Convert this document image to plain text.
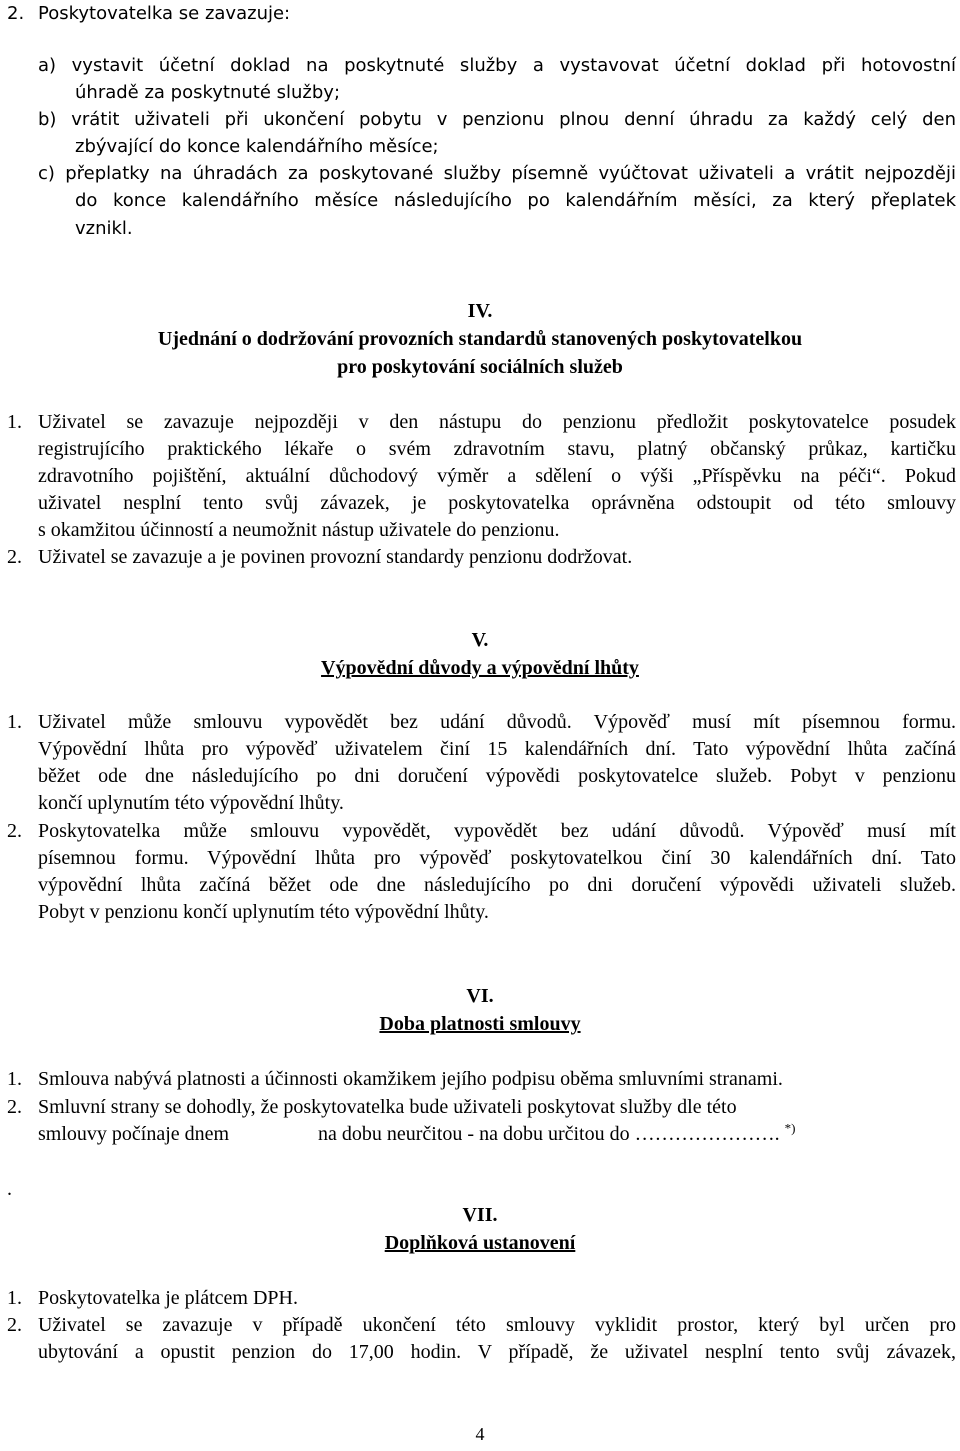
2. Poskytovatelka se zavazuje:
a) vystavit účetní doklad na poskytnuté služby a vystavovat účetní doklad při hotovostní
úhradě za poskytnuté služby;
b) vrátit uživateli při ukončení pobytu v penzionu plnou denní úhradu za každý celý den
zbývající do konce kalendářního měsíce;
c) přeplatky na úhradách za poskytované služby písemně vyúčtovat uživateli a vrátit nejpozději
do konce kalendářního měsíce následujícího po kalendářním měsíci, za který přeplatek
vznikl.
IV.
Ujednání o dodržování provozních standardů stanovených poskytovatelkou
pro poskytování sociálních služeb
1. Uživatel se zavazuje nejpozději v den nástupu do penzionu předložit poskytovatelce posudek
registrujícího praktického lékaře o svém zdravotním stavu, platný občanský průkaz, kartičku
zdravotního pojištění, aktuální důchodový výměr a sdělení o výši „Příspěvku na péči“. Pokud
uživatel nesplní tento svůj závazek, je poskytovatelka oprávněna odstoupit od této smlouvy
s okamžitou účinností a neumožnit nástup uživatele do penzionu.
2. Uživatel se zavazuje a je povinen provozní standardy penzionu dodržovat.
V.
Výpovědní důvody a výpovědní lhůty
1. Uživatel může smlouvu vypovědět bez udání důvodů. Výpověď musí mít písemnou formu.
Výpovědní lhůta pro výpověď uživatelem činí 15 kalendářních dní. Tato výpovědní lhůta začíná
běžet ode dne následujícího po dni doručení výpovědi poskytovatelce služeb. Pobyt v penzionu
končí uplynutím této výpovědní lhůty.
2. Poskytovatelka může smlouvu vypovědět, vypovědět bez udání důvodů. Výpověď musí mít
písemnou formu. Výpovědní lhůta pro výpověď poskytovatelkou činí 30 kalendářních dní. Tato
výpovědní lhůta začíná běžet ode dne následujícího po dni doručení výpovědi uživateli služeb.
Pobyt v penzionu končí uplynutím této výpovědní lhůty.
VI.
Doba platnosti smlouvy
1. Smlouva nabývá platnosti a účinnosti okamžikem jejího podpisu oběma smluvními stranami.
2. Smluvní strany se dohodly, že poskytovatelka bude uživateli poskytovat služby dle této
smlouvy počínaje dnem	na dobu neurčitou - na dobu určitou do …………………. *)
.
VII.
Doplňková ustanovení
1. Poskytovatelka je plátcem DPH.
2. Uživatel se zavazuje v případě ukončení této smlouvy vyklidit prostor, který byl určen pro
ubytování a opustit penzion do 17,00 hodin. V případě, že uživatel nesplní tento svůj závazek,
4
